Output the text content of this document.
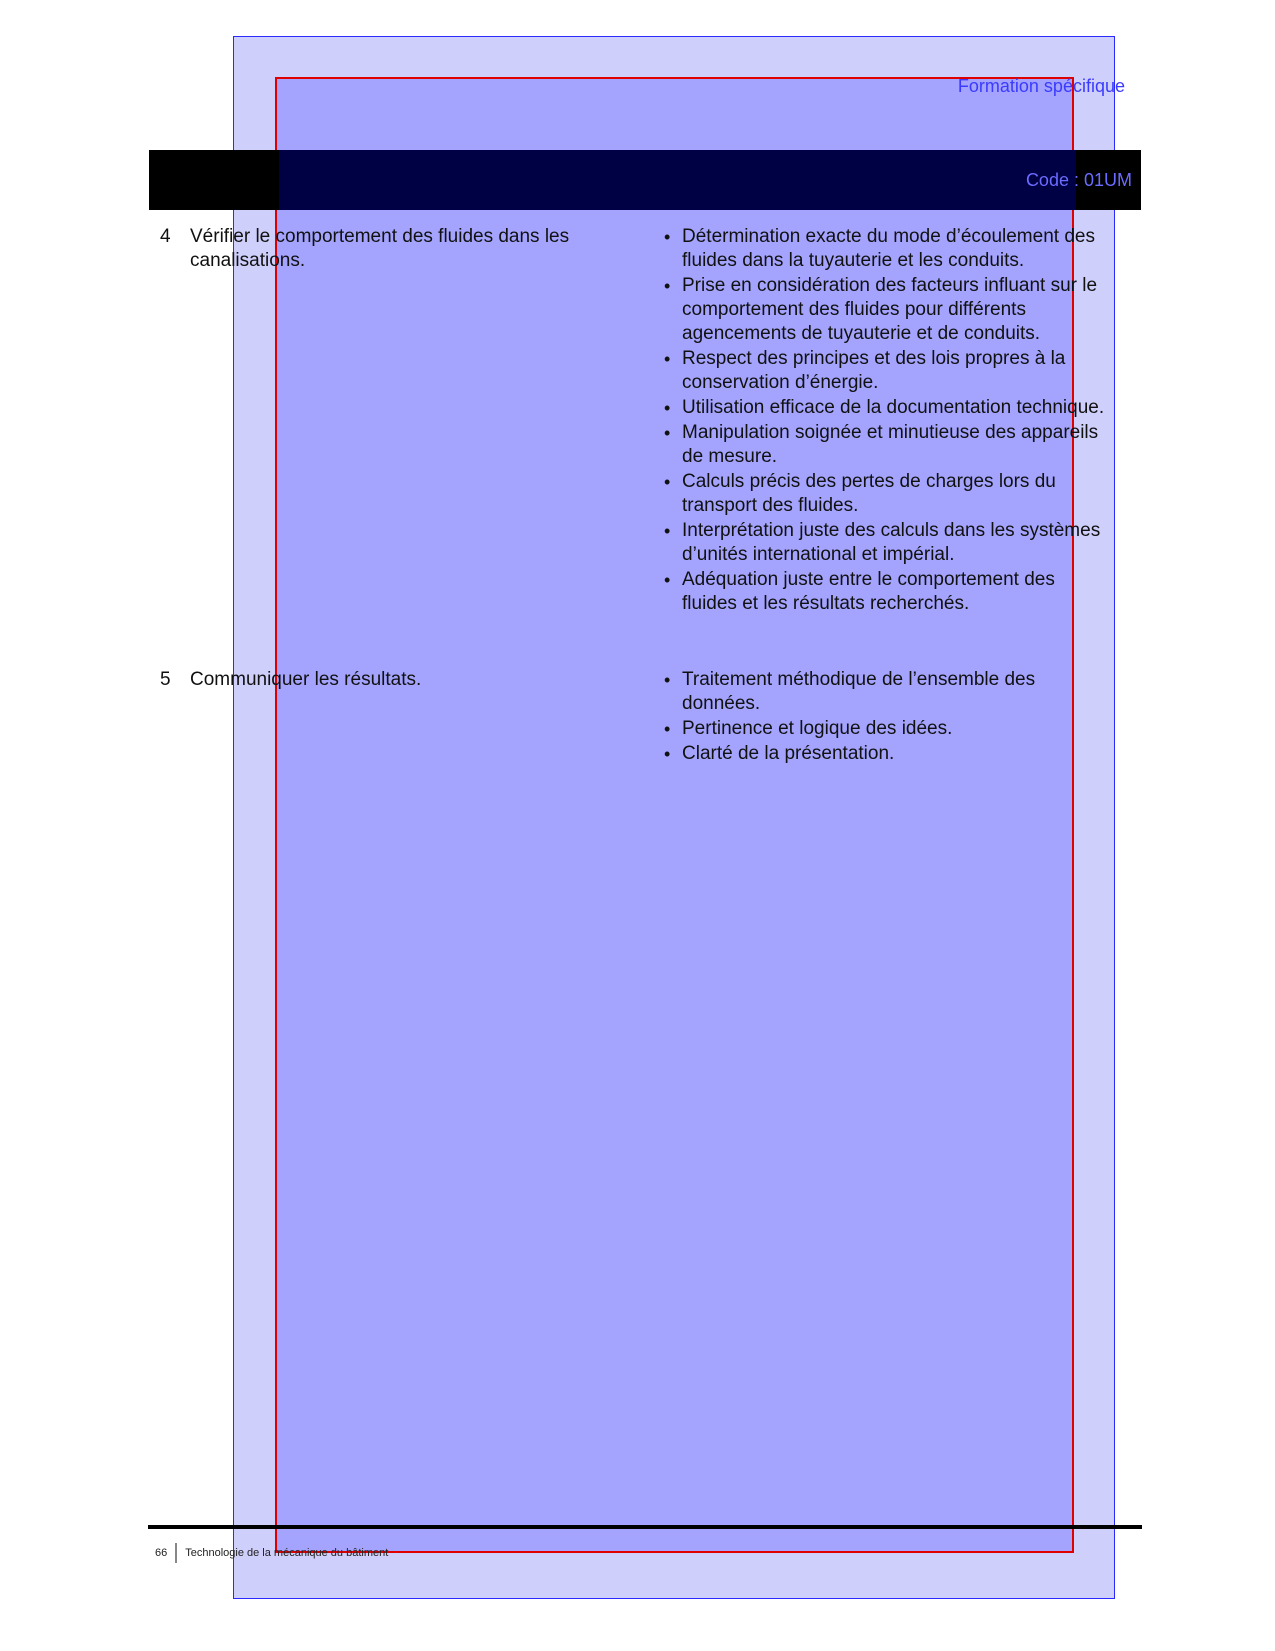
Formation spécifique
Code : 01UM
4	Vérifier le comportement des fluides dans les canalisations.
• Détermination exacte du mode d’écoulement des fluides dans la tuyauterie et les conduits.
• Prise en considération des facteurs influant sur le comportement des fluides pour différents agencements de tuyauterie et de conduits.
• Respect des principes et des lois propres à la conservation d’énergie.
• Utilisation efficace de la documentation technique.
• Manipulation soignée et minutieuse des appareils de mesure.
• Calculs précis des pertes de charges lors du transport des fluides.
• Interprétation juste des calculs dans les systèmes d’unités international et impérial.
• Adéquation juste entre le comportement des fluides et les résultats recherchés.
5	Communiquer les résultats.
•	Traitement méthodique de l’ensemble des données.
• Pertinence et logique des idées.
• Clarté de la présentation.
66 Technologie de la mécanique du bâtiment
